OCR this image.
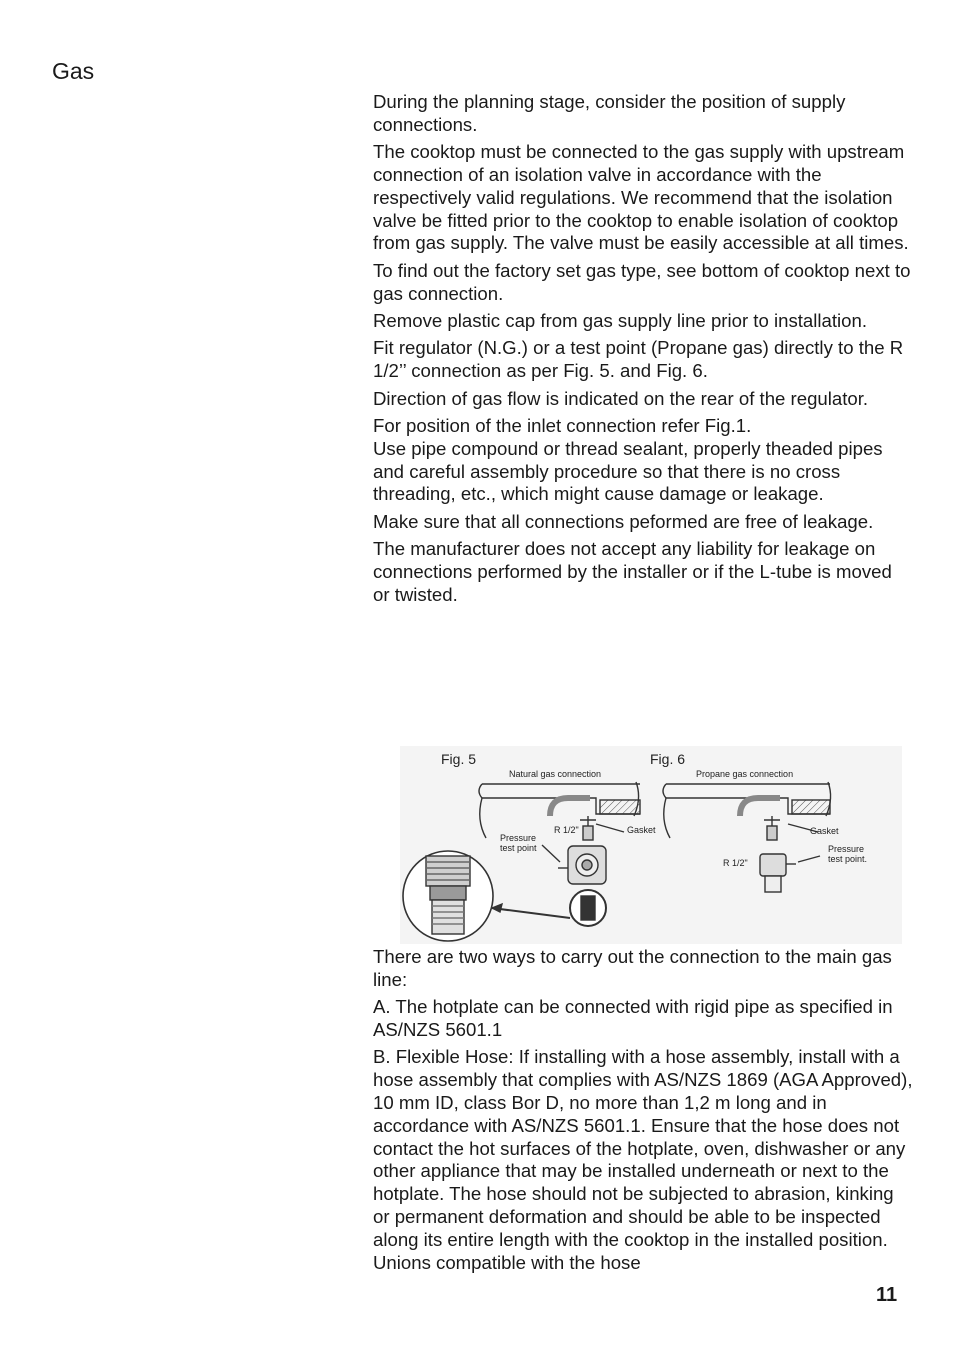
Gas

During the planning stage, consider the position of supply connections.

The cooktop must be connected to the gas supply with upstream connection of an isolation valve in accordance with the respectively valid regulations. We recommend that the isolation valve be fitted prior to the cooktop to enable isolation of cooktop from gas supply. The valve must be easily accessible at all times.

To find out the factory set gas type, see bottom of cooktop next to gas connection.

Remove plastic cap from gas supply line prior to installation.

Fit regulator (N.G.) or a test point (Propane gas) directly to the R 1/2’’ connection as per Fig. 5. and Fig. 6.

Direction of gas flow is indicated on the rear of the regulator.

For position of the inlet connection refer Fig.1.

Use pipe compound or thread sealant, properly theaded pipes and careful assembly procedure so that there is no cross threading, etc., which might cause damage or leakage.

Make sure that all connections peformed are free of leakage.

The manufacturer does not accept any liability for leakage on connections performed by the installer or if the L-tube is moved or twisted.

Fig. 5	Fig. 6
Natural gas connection	Propane gas connection
R 1/2"	Gasket
Pressure
test point
R 1/2"
Gasket
Pressure
test point.

There are two ways to carry out the connection to the main gas line:

A. The hotplate can be connected with rigid pipe as specified in AS/NZS 5601.1

B. Flexible Hose: If installing with a hose assembly, install with a hose assembly that complies with AS/NZS 1869 (AGA Approved), 10 mm ID, class Bor D, no more than 1,2 m long and in accordance with AS/NZS 5601.1. Ensure that the hose does not contact the hot surfaces of the hotplate, oven, dishwasher or any other appliance that may be installed underneath or next to the hotplate. The hose should not be subjected to abrasion, kinking or permanent deformation and should be able to be inspected along its entire length with the cooktop in the installed position. Unions compatible with the hose

11
